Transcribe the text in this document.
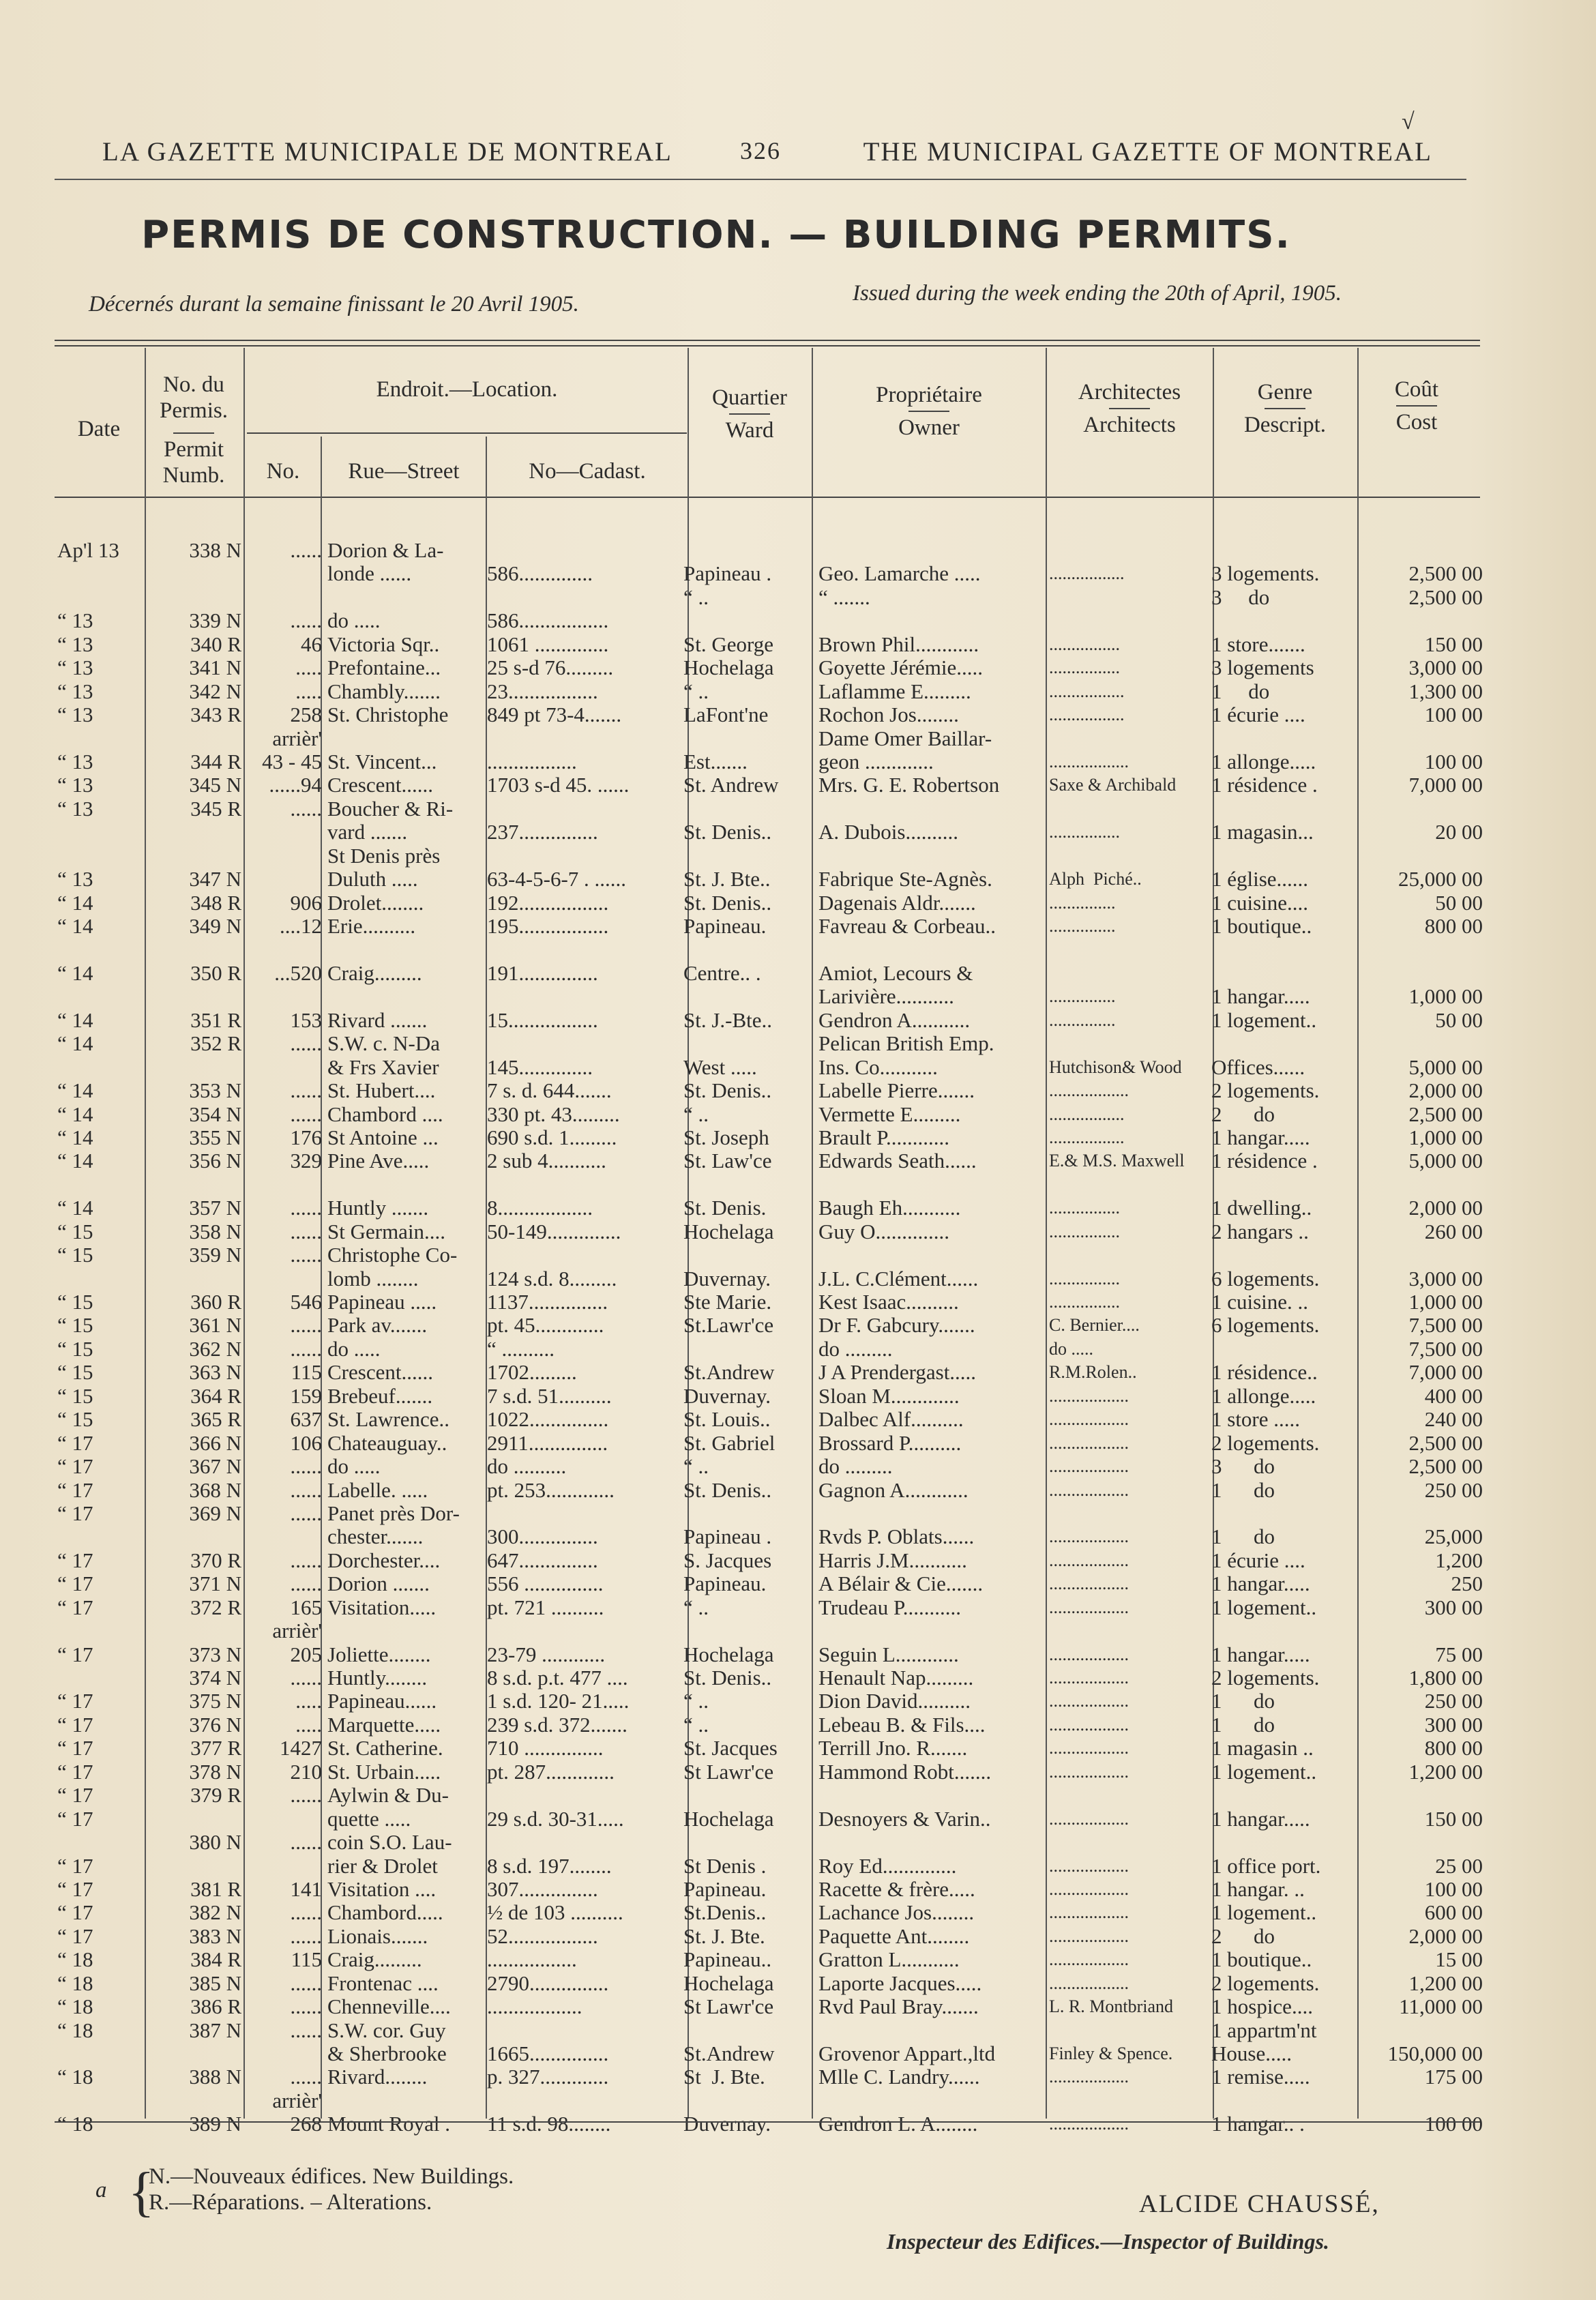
√
LA GAZETTE MUNICIPALE DE MONTREAL	326	THE MUNICIPAL GAZETTE OF MONTREAL
PERMIS DE CONSTRUCTION. — BUILDING PERMITS.
Décernés durant la semaine finissant le 20 Avril 1905.	Issued during the week ending the 20th of April, 1905.
Date
No. du Permis.
Permit Numb.
Endroit.—Location.
No.	Rue—Street	No—Cadast.
Quartier
Ward
Propriétaire
Owner
Architectes
Architects
Genre
Descript.
Coût
Cost
Ap'l 13	338 N	......	Dorion & La-						
			londe ......	586..............	Papineau .	Geo. Lamarche .....	.................	3 logements.	2,500 00
					“ ..	“ .......		3     do	2,500 00
“ 13	339 N	......	do .....	586.................					
“ 13	340 R	46	Victoria Sqr..	1061 ..............	St. George	Brown Phil............	................	1 store.......	150 00
“ 13	341 N	.....	Prefontaine...	25 s-d 76.........	Hochelaga	Goyette Jérémie.....	................	3 logements	3,000 00
“ 13	342 N	.....	Chambly.......	23.................	“ ..	Laflamme E.........	.................	1     do	1,300 00
“ 13	343 R	258	St. Christophe	849 pt 73-4.......	LaFont'ne	Rochon Jos........	.................	1 écurie ....	100 00
		arrièr'				Dame Omer Baillar-			
“ 13	344 R	43 - 45	St. Vincent...	.................	Est.......	geon .............	..................	1 allonge.....	100 00
“ 13	345 N	......94	Crescent......	1703 s-d 45. ......	St. Andrew	Mrs. G. E. Robertson	Saxe & Archibald	1 résidence .	7,000 00
“ 13	345 R	......	Boucher & Ri-						
			vard .......	237...............	St. Denis..	A. Dubois..........	................	1 magasin...	20 00
			St Denis près						
“ 13	347 N		Duluth .....	63-4-5-6-7 . ......	St. J. Bte..	Fabrique Ste-Agnès.	Alph  Piché..	1 église......	25,000 00
“ 14	348 R	906	Drolet........	192.................	St. Denis..	Dagenais Aldr.......	...............	1 cuisine....	50 00
“ 14	349 N	....12	Erie..........	195.................	Papineau.	Favreau & Corbeau..	...............	1 boutique..	800 00

“ 14	350 R	...520	Craig.........	191...............	Centre.. .	Amiot, Lecours &			
						Larivière...........	...............	1 hangar.....	1,000 00
“ 14	351 R	153	Rivard .......	15.................	St. J.-Bte..	Gendron A...........	...............	1 logement..	50 00
“ 14	352 R	......	S.W. c. N-Da			Pelican British Emp.			
			& Frs Xavier	145..............	West .....	Ins. Co...........	Hutchison& Wood	Offices......	5,000 00
“ 14	353 N	......	St. Hubert....	7 s. d. 644.......	St. Denis..	Labelle Pierre.......	..................	2 logements.	2,000 00
“ 14	354 N	......	Chambord ....	330 pt. 43.........	“ ..	Vermette E.........	.................	2      do	2,500 00
“ 14	355 N	176	St Antoine ...	690 s.d. 1.........	St. Joseph	Brault P............	.................	1 hangar.....	1,000 00
“ 14	356 N	329	Pine Ave.....	2 sub 4...........	St. Law'ce	Edwards Seath......	E.& M.S. Maxwell	1 résidence .	5,000 00

“ 14	357 N	......	Huntly .......	8..................	St. Denis.	Baugh Eh...........	................	1 dwelling..	2,000 00
“ 15	358 N	......	St Germain....	50-149..............	Hochelaga	Guy O..............	................	2 hangars ..	260 00
“ 15	359 N	......	Christophe Co-						
			lomb ........	124 s.d. 8.........	Duvernay.	J.L. C.Clément......	................	6 logements.	3,000 00
“ 15	360 R	546	Papineau .....	1137...............	Ste Marie.	Kest Isaac..........	................	1 cuisine. ..	1,000 00
“ 15	361 N	......	Park av.......	pt. 45.............	St.Lawr'ce	Dr F. Gabcury.......	C. Bernier....	6 logements.	7,500 00
“ 15	362 N	......	do .....	“ ..........		do .........	do .....		7,500 00
“ 15	363 N	115	Crescent......	1702.........	St.Andrew	J A Prendergast.....	R.M.Rolen..	1 résidence..	7,000 00
“ 15	364 R	159	Brebeuf.......	7 s.d. 51..........	Duvernay.	Sloan M.............	..................	1 allonge.....	400 00
“ 15	365 R	637	St. Lawrence..	1022...............	St. Louis..	Dalbec Alf..........	..................	1 store .....	240 00
“ 17	366 N	106	Chateauguay..	2911...............	St. Gabriel	Brossard P..........	..................	2 logements.	2,500 00
“ 17	367 N	......	do .....	do ..........	“ ..	do .........	..................	3      do	2,500 00
“ 17	368 N	......	Labelle. .....	pt. 253.............	St. Denis..	Gagnon A............	..................	1      do	250 00
“ 17	369 N	......	Panet près Dor-						
			chester.......	300...............	Papineau .	Rvds P. Oblats......	..................	1      do	25,000
“ 17	370 R	......	Dorchester....	647...............	S. Jacques	Harris J.M...........	..................	1 écurie ....	1,200
“ 17	371 N	......	Dorion .......	556 ...............	Papineau.	A Bélair & Cie.......	..................	1 hangar.....	250
“ 17	372 R	165	Visitation.....	pt. 721 ..........	“ ..	Trudeau P...........	..................	1 logement..	300 00
		arrièr'							
“ 17	373 N	205	Joliette........	23-79 ............	Hochelaga	Seguin L............	..................	1 hangar.....	75 00
	374 N	......	Huntly........	8 s.d. p.t. 477 ....	St. Denis..	Henault Nap.........	..................	2 logements.	1,800 00
“ 17	375 N	.....	Papineau......	1 s.d. 120- 21.....	“ ..	Dion David..........	..................	1      do	250 00
“ 17	376 N	.....	Marquette.....	239 s.d. 372.......	“ ..	Lebeau B. & Fils....	..................	1      do	300 00
“ 17	377 R	1427	St. Catherine.	710 ...............	St. Jacques	Terrill Jno. R.......	..................	1 magasin ..	800 00
“ 17	378 N	210	St. Urbain.....	pt. 287.............	St Lawr'ce	Hammond Robt.......	..................	1 logement..	1,200 00
“ 17	379 R	......	Aylwin & Du-						
“ 17			quette .....	29 s.d. 30-31.....	Hochelaga	Desnoyers & Varin..	..................	1 hangar.....	150 00
	380 N	......	coin S.O. Lau-						
“ 17			rier & Drolet	8 s.d. 197........	St Denis .	Roy Ed..............	..................	1 office port.	25 00
“ 17	381 R	141	Visitation ....	307...............	Papineau.	Racette & frère.....	..................	1 hangar. ..	100 00
“ 17	382 N	......	Chambord.....	½ de 103 ..........	St.Denis..	Lachance Jos........	..................	1 logement..	600 00
“ 17	383 N	......	Lionais.......	52.................	St. J. Bte.	Paquette Ant........	..................	2      do	2,000 00
“ 18	384 R	115	Craig.........	.................	Papineau..	Gratton L...........	..................	1 boutique..	15 00
“ 18	385 N	......	Frontenac ....	2790...............	Hochelaga	Laporte Jacques.....	..................	2 logements.	1,200 00
“ 18	386 R	......	Chenneville....	..................	St Lawr'ce	Rvd Paul Bray.......	L. R. Montbriand	1 hospice....	11,000 00
“ 18	387 N	......	S.W. cor. Guy					1 appartm'nt	
			& Sherbrooke	1665...............	St.Andrew	Grovenor Appart.,ltd	Finley & Spence.	House.....	150,000 00
“ 18	388 N	......	Rivard........	p. 327.............	St  J. Bte.	Mlle C. Landry......	..................	1 remise.....	175 00
		arrièr'							
“ 18	389 N	268	Mount Royal .	11 s.d. 98........	Duvernay.	Gendron L. A........	..................	1 hangar.. .	100 00
a {
N.—Nouveaux édifices. New Buildings.
R.—Réparations. – Alterations.	ALCIDE CHAUSSÉ,
Inspecteur des Edifices.—Inspector of Buildings.
